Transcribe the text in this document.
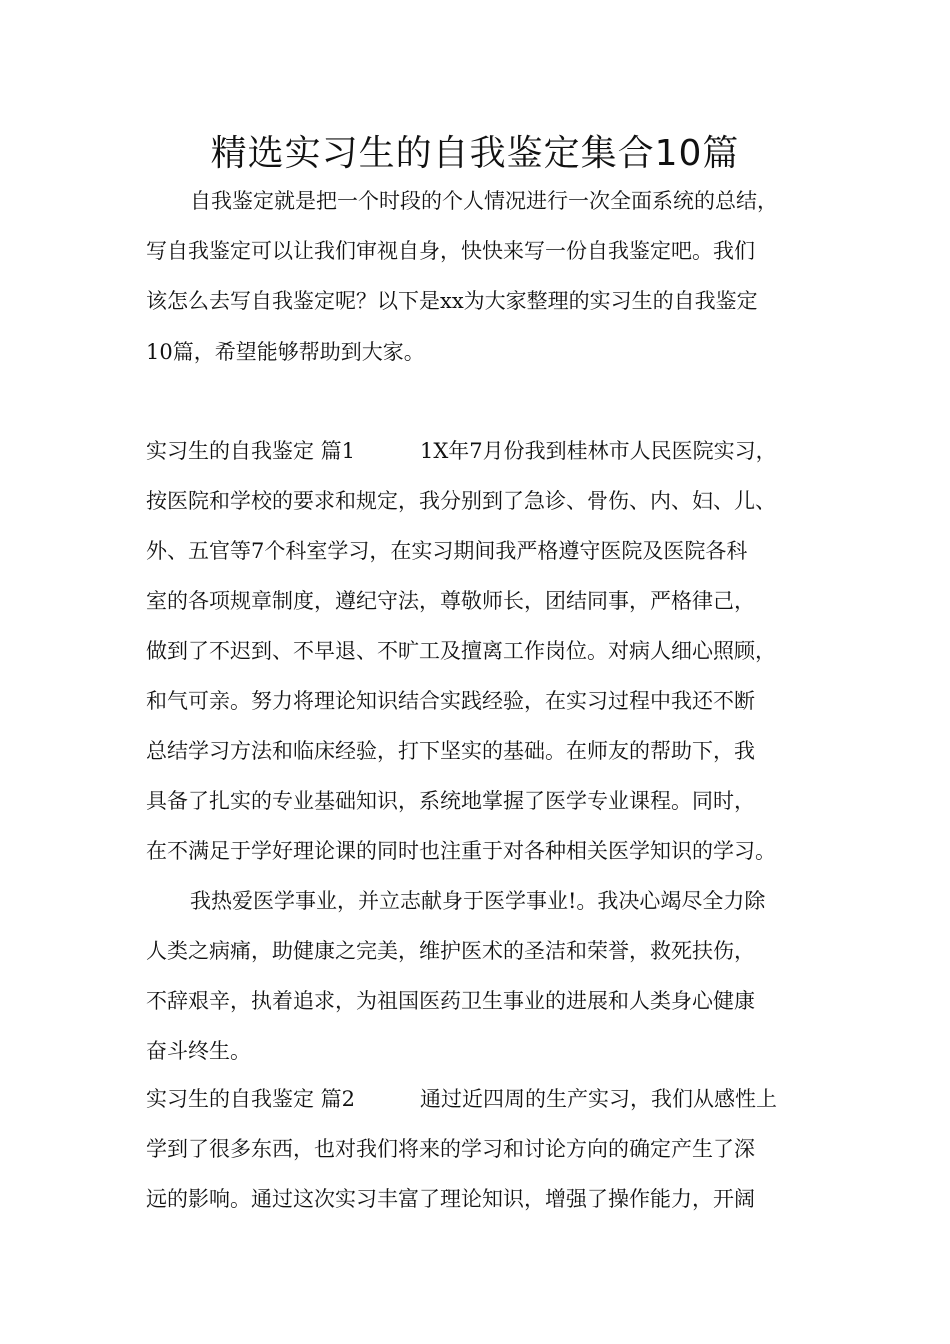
精选实习生的自我鉴定集合10篇

自我鉴定就是把一个时段的个人情况进行一次全面系统的总结，

写自我鉴定可以让我们审视自身，快快来写一份自我鉴定吧。我们

该怎么去写自我鉴定呢？以下是xx为大家整理的实习生的自我鉴定

10篇，希望能够帮助到大家。

实习生的自我鉴定 篇1	1X年7月份我到桂林市人民医院实习，

按医院和学校的要求和规定，我分别到了急诊、骨伤、内、妇、儿、

外、五官等7个科室学习，在实习期间我严格遵守医院及医院各科

室的各项规章制度，遵纪守法，尊敬师长，团结同事，严格律己，

做到了不迟到、不早退、不旷工及擅离工作岗位。对病人细心照顾，

和气可亲。努力将理论知识结合实践经验，在实习过程中我还不断

总结学习方法和临床经验，打下坚实的基础。在师友的帮助下，我

具备了扎实的专业基础知识，系统地掌握了医学专业课程。同时，

在不满足于学好理论课的同时也注重于对各种相关医学知识的学习。

我热爱医学事业，并立志献身于医学事业!。我决心竭尽全力除

人类之病痛，助健康之完美，维护医术的圣洁和荣誉，救死扶伤，

不辞艰辛，执着追求，为祖国医药卫生事业的进展和人类身心健康

奋斗终生。

实习生的自我鉴定 篇2	通过近四周的生产实习，我们从感性上

学到了很多东西，也对我们将来的学习和讨论方向的确定产生了深

远的影响。通过这次实习丰富了理论知识，增强了操作能力，开阔
